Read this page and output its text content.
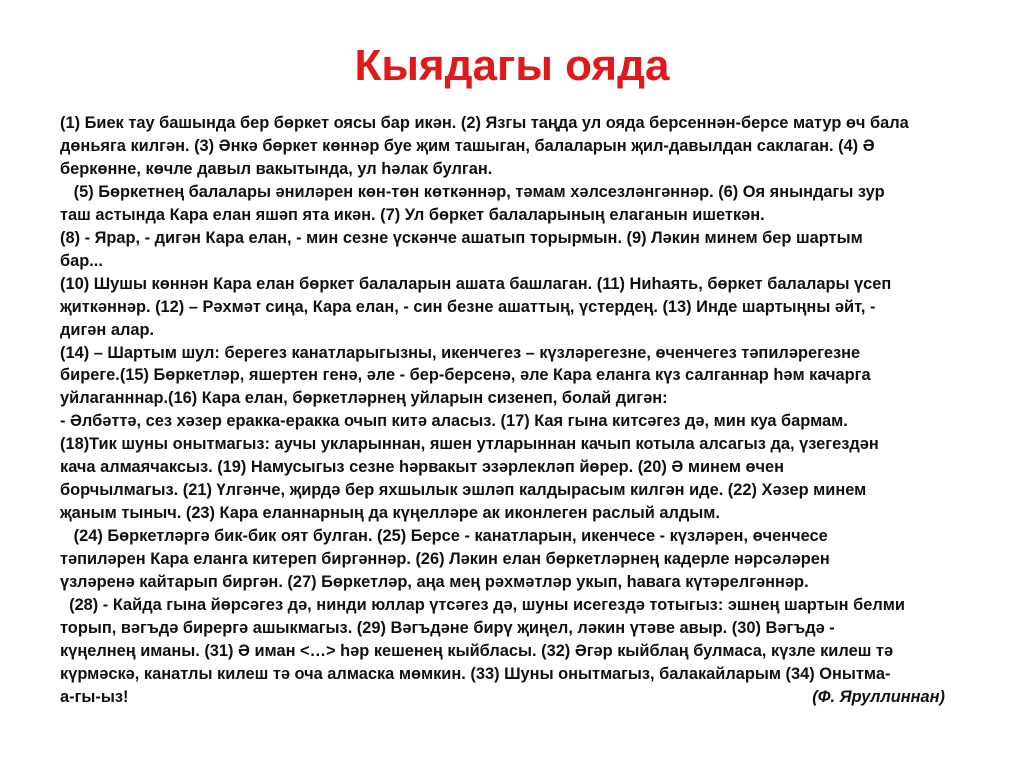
Кыядагы ояда

(1) Биек тау башында бер бөркет оясы бар икән. (2) Язгы таңда ул ояда берсеннән-берсе матур өч бала

дөньяга килгән. (3) Әнкә бөркет көннәр буе җим ташыган, балаларын җил-давылдан саклаган. (4) Ә

беркөнне, көчле давыл вакытында, ул һәлак булган.

(5) Бөркетнең балалары әниләрен көн-төн көткәннәр, тәмам хәлсезләнгәннәр. (6) Оя янындагы зур

таш астында Кара елан яшәп ята икән. (7) Ул бөркет балаларының елаганын ишеткән.

(8) - Ярар, - дигән Кара елан, - мин сезне үскәнче ашатып торырмын. (9) Ләкин минем бер шартым

бар...

(10) Шушы көннән Кара елан бөркет балаларын ашата башлаган. (11) Ниһаять, бөркет балалары үсеп

җиткәннәр. (12) – Рәхмәт сиңа, Кара елан, - син безне ашаттың, үстердең. (13) Инде шартыңны әйт, -

дигән алар.

(14) – Шартым шул: берегез канатларыгызны, икенчегез – күзләрегезне, өченчегез тәпиләрегезне

биреге.(15) Бөркетләр, яшертен генә, әле - бер-берсенә, әле Кара еланга күз салганнар һәм качарга

уйлаганннар.(16) Кара елан, бөркетләрнең уйларын сизенеп, болай дигән:

- Әлбәттә, сез хәзер еракка-еракка очып китә аласыз. (17) Кая гына китсәгез дә, мин куа бармам.

(18)Тик шуны онытмагыз: аучы укларыннан, яшен утларыннан качып котыла алсагыз да, үзегездән

кача алмаячаксыз. (19) Намусыгыз сезне һәрвакыт эзәрлекләп йөрер. (20) Ә минем өчен

борчылмагыз. (21) Үлгәнче, җирдә бер яхшылык эшләп калдырасым килгән иде. (22) Хәзер минем

җаным тыныч. (23) Кара еланнарның да күңелләре ак иконлеген раслый алдым.

(24) Бөркетләргә бик-бик оят булган. (25) Берсе - канатларын, икенчесе - күзләрен, өченчесе

тәпиләрен Кара еланга китереп биргәннәр. (26) Ләкин елан бөркетләрнең кадерле нәрсәләрен

үзләренә кайтарып биргән. (27) Бөркетләр, аңа мең рәхмәтләр укып, һавага күтәрелгәннәр.

(28) - Кайда гына йөрсәгез дә, нинди юллар үтсәгез дә, шуны исегездә тотыгыз: эшнең шартын белми

торып, вәгъдә бирергә ашыкмагыз. (29) Вәгъдәне бирү җиңел, ләкин үтәве авыр. (30) Вәгъдә -

күңелнең иманы. (31) Ә иман <…> һәр кешенең кыйбласы. (32) Әгәр кыйблаң булмаса, күзле килеш тә

күрмәскә, канатлы килеш тә оча алмаска мөмкин. (33) Шуны онытмагыз, балакайларым (34) Онытма-

а-гы-ыз!	(Ф. Яруллиннан)
